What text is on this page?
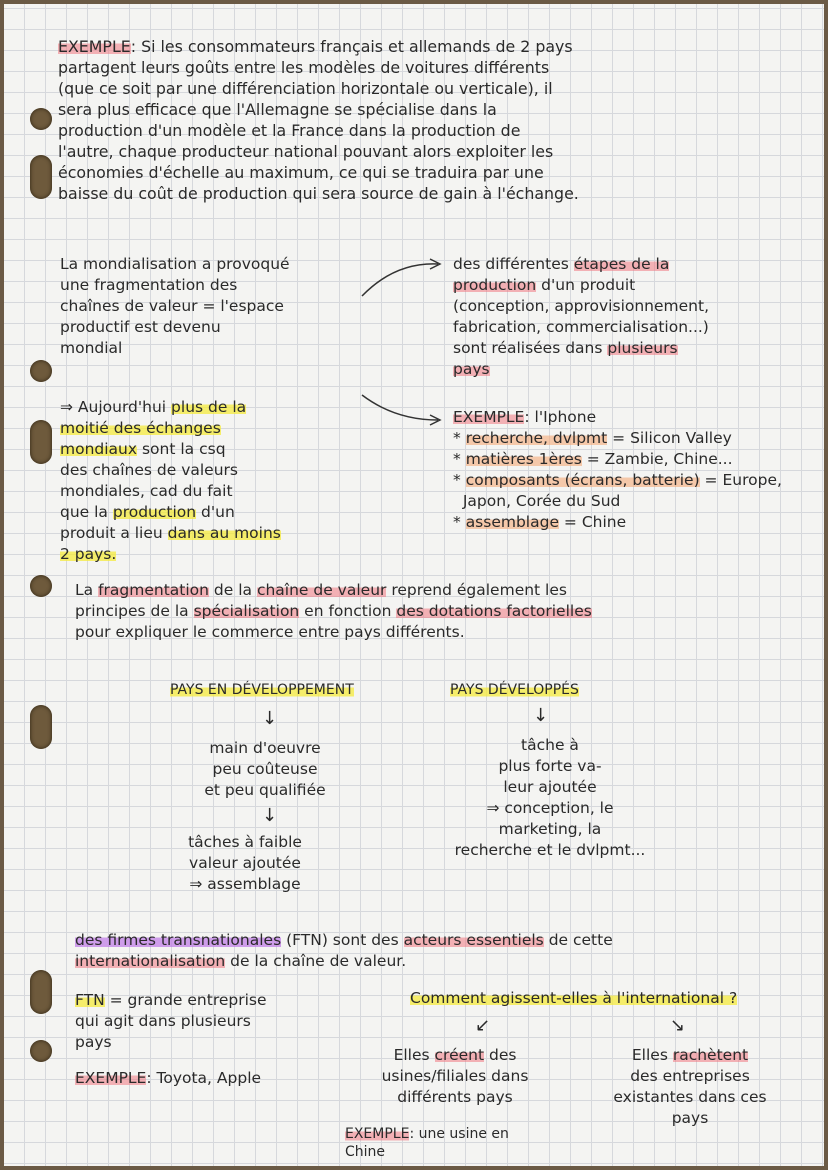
EXEMPLE: Si les consommateurs français et allemands de 2 pays
partagent leurs goûts entre les modèles de voitures différents
(que ce soit par une différenciation horizontale ou verticale), il
sera plus efficace que l'Allemagne se spécialise dans la
production d'un modèle et la France dans la production de
l'autre, chaque producteur national pouvant alors exploiter les
économies d'échelle au maximum, ce qui se traduira par une
baisse du coût de production qui sera source de gain à l'échange.
La mondialisation a provoqué
une fragmentation des
chaînes de valeur = l'espace
productif est devenu
mondial
des différentes étapes de la
production d'un produit
(conception, approvisionnement,
fabrication, commercialisation...)
sont réalisées dans plusieurs
pays
⇒ Aujourd'hui plus de la
moitié des échanges
mondiaux sont la csq
des chaînes de valeurs
mondiales, cad du fait
que la production d'un
produit a lieu dans au moins
2 pays.
EXEMPLE: l'Iphone
* recherche, dvlpmt = Silicon Valley
* matières 1ères = Zambie, Chine...
* composants (écrans, batterie) = Europe,
Japon, Corée du Sud
* assemblage = Chine
La fragmentation de la chaîne de valeur reprend également les
principes de la spécialisation en fonction des dotations factorielles
pour expliquer le commerce entre pays différents.
PAYS EN DÉVELOPPEMENT	PAYS DÉVELOPPÉS
↓	↓
main d'oeuvre
peu coûteuse
et peu qualifiée
↓
tâches à faible
valeur ajoutée
⇒ assemblage
tâche à
plus forte va-
leur ajoutée
⇒ conception, le
marketing, la
recherche et le dvlpmt...
des firmes transnationales (FTN) sont des acteurs essentiels de cette
internationalisation de la chaîne de valeur.
FTN = grande entreprise
qui agit dans plusieurs
pays
EXEMPLE: Toyota, Apple
Comment agissent-elles à l'international ?
↙	↘
Elles créent des
usines/filiales dans
différents pays
Elles rachètent
des entreprises
existantes dans ces
pays
EXEMPLE: une usine en
Chine
